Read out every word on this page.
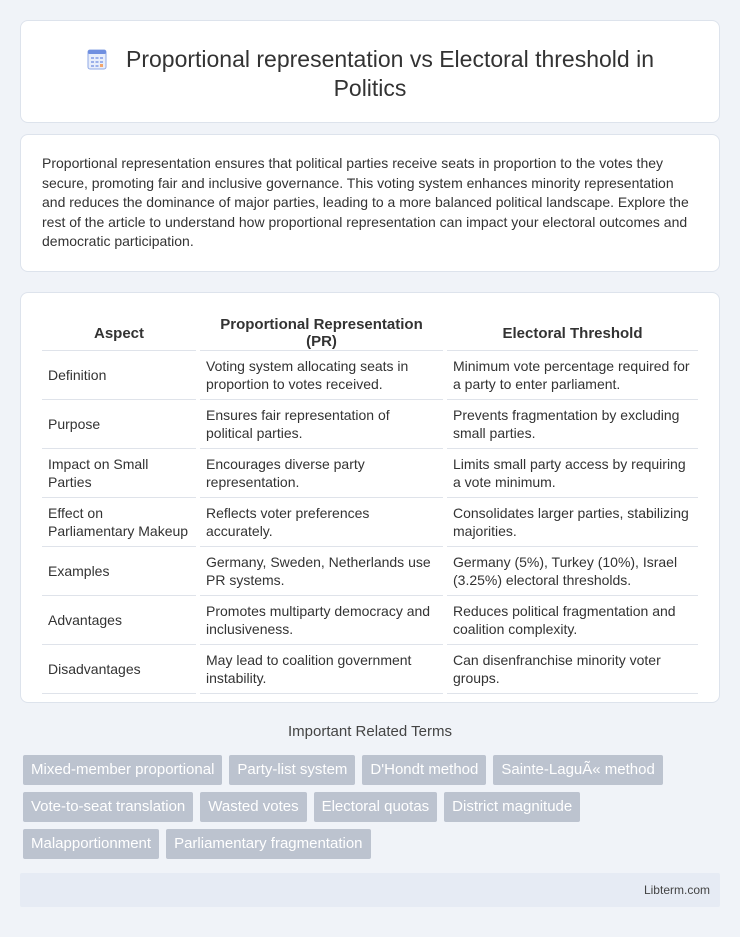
Proportional representation vs Electoral threshold in Politics

Proportional representation ensures that political parties receive seats in proportion to the votes they secure, promoting fair and inclusive governance. This voting system enhances minority representation and reduces the dominance of major parties, leading to a more balanced political landscape. Explore the rest of the article to understand how proportional representation can impact your electoral outcomes and democratic participation.

Aspect	Proportional Representation (PR)	Electoral Threshold
Definition	Voting system allocating seats in proportion to votes received.	Minimum vote percentage required for a party to enter parliament.
Purpose	Ensures fair representation of political parties.	Prevents fragmentation by excluding small parties.
Impact on Small Parties	Encourages diverse party representation.	Limits small party access by requiring a vote minimum.
Effect on Parliamentary Makeup	Reflects voter preferences accurately.	Consolidates larger parties, stabilizing majorities.
Examples	Germany, Sweden, Netherlands use PR systems.	Germany (5%), Turkey (10%), Israel (3.25%) electoral thresholds.
Advantages	Promotes multiparty democracy and inclusiveness.	Reduces political fragmentation and coalition complexity.
Disadvantages	May lead to coalition government instability.	Can disenfranchise minority voter groups.
Important Related Terms
Mixed-member proportional	Party-list system	D'Hondt method	Sainte-LaguÃ« method
Vote-to-seat translation	Wasted votes	Electoral quotas	District magnitude
Malapportionment	Parliamentary fragmentation
Libterm.com
